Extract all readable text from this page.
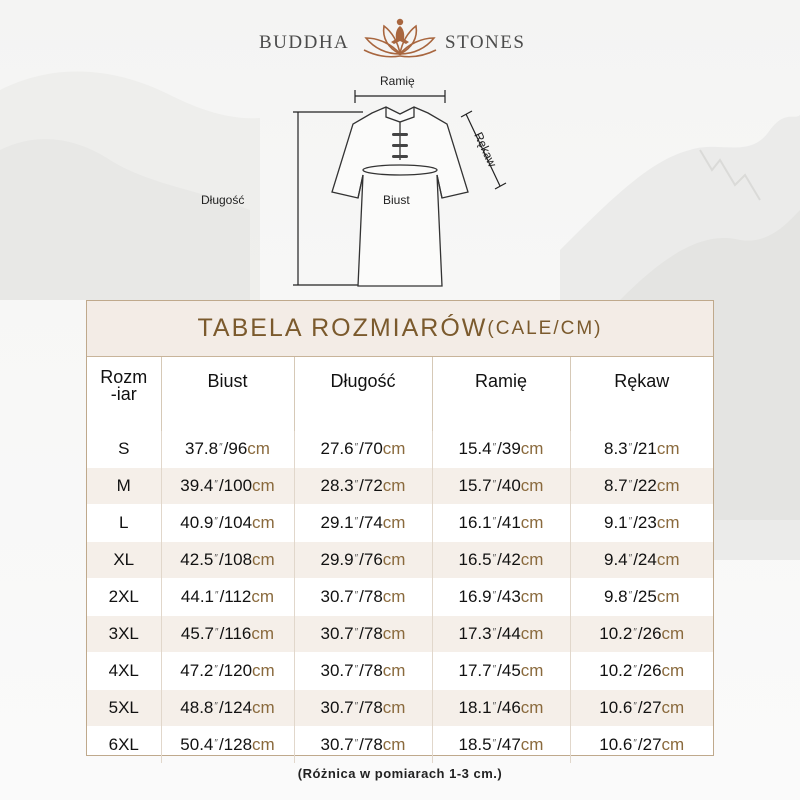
BUDDHA	STONES
Ramię
Rękaw
Długość	Biust
TABELA ROZMIARÓW (CALE/CM)
Rozm
-iar	Biust	Długość	Ramię	Rękaw
S	37.8″/96cm	27.6″/70cm	15.4″/39cm	8.3″/21cm
M	39.4″/100cm	28.3″/72cm	15.7″/40cm	8.7″/22cm
L	40.9″/104cm	29.1″/74cm	16.1″/41cm	9.1″/23cm
XL	42.5″/108cm	29.9″/76cm	16.5″/42cm	9.4″/24cm
2XL	44.1″/112cm	30.7″/78cm	16.9″/43cm	9.8″/25cm
3XL	45.7″/116cm	30.7″/78cm	17.3″/44cm	10.2″/26cm
4XL	47.2″/120cm	30.7″/78cm	17.7″/45cm	10.2″/26cm
5XL	48.8″/124cm	30.7″/78cm	18.1″/46cm	10.6″/27cm
6XL	50.4″/128cm	30.7″/78cm	18.5″/47cm	10.6″/27cm
(Różnica w pomiarach 1-3 cm.)
